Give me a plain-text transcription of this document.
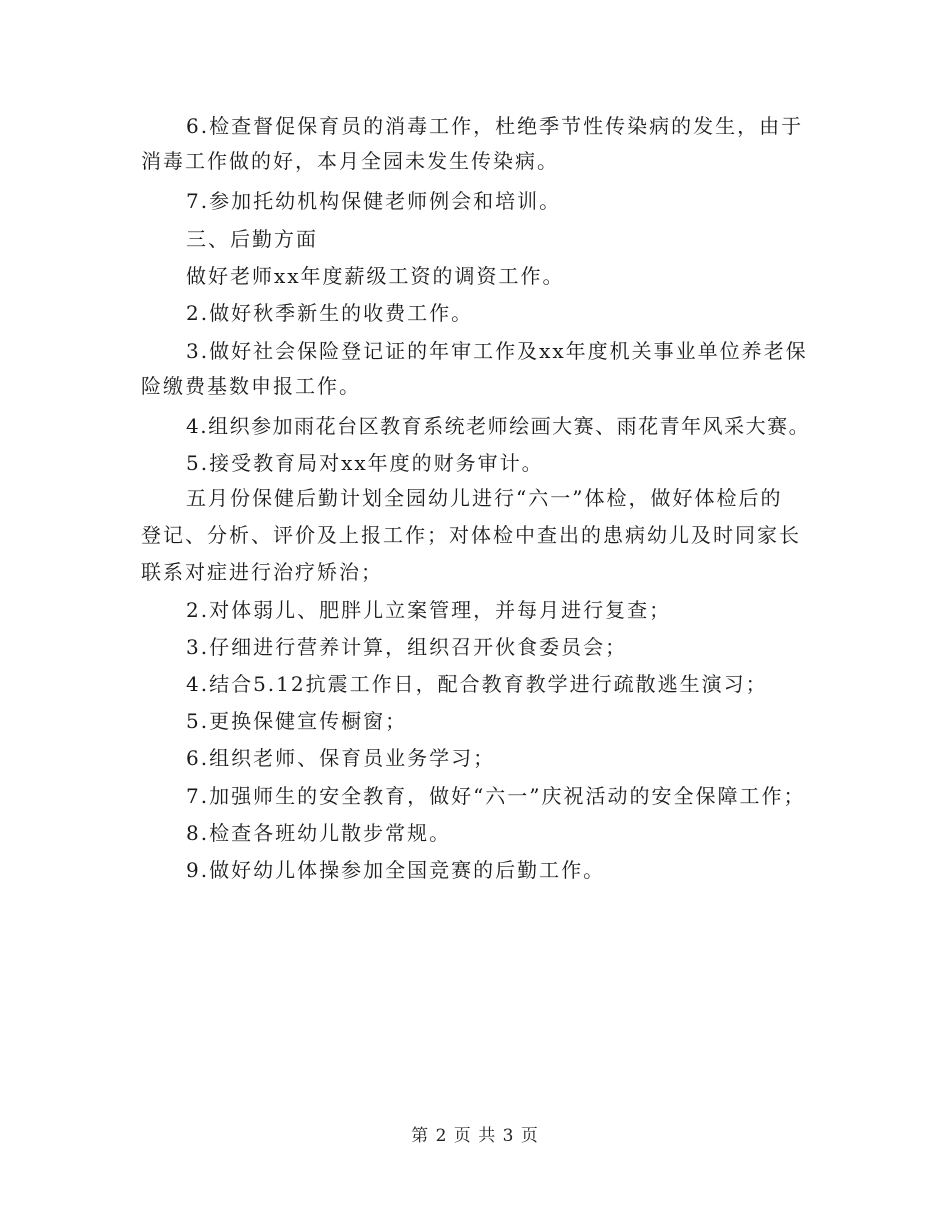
6.检查督促保育员的消毒工作，杜绝季节性传染病的发生，由于
消毒工作做的好，本月全园未发生传染病。
7.参加托幼机构保健老师例会和培训。
三、后勤方面
做好老师xx年度薪级工资的调资工作。
2.做好秋季新生的收费工作。
3.做好社会保险登记证的年审工作及xx年度机关事业单位养老保
险缴费基数申报工作。
4.组织参加雨花台区教育系统老师绘画大赛、雨花青年风采大赛。
5.接受教育局对xx年度的财务审计。
五月份保健后勤计划全园幼儿进行“六一”体检，做好体检后的
登记、分析、评价及上报工作；对体检中查出的患病幼儿及时同家长
联系对症进行治疗矫治；
2.对体弱儿、肥胖儿立案管理，并每月进行复查；
3.仔细进行营养计算，组织召开伙食委员会；
4.结合5.12抗震工作日，配合教育教学进行疏散逃生演习；
5.更换保健宣传橱窗；
6.组织老师、保育员业务学习；
7.加强师生的安全教育，做好“六一”庆祝活动的安全保障工作；
8.检查各班幼儿散步常规。
9.做好幼儿体操参加全国竞赛的后勤工作。
第 2 页 共 3 页
